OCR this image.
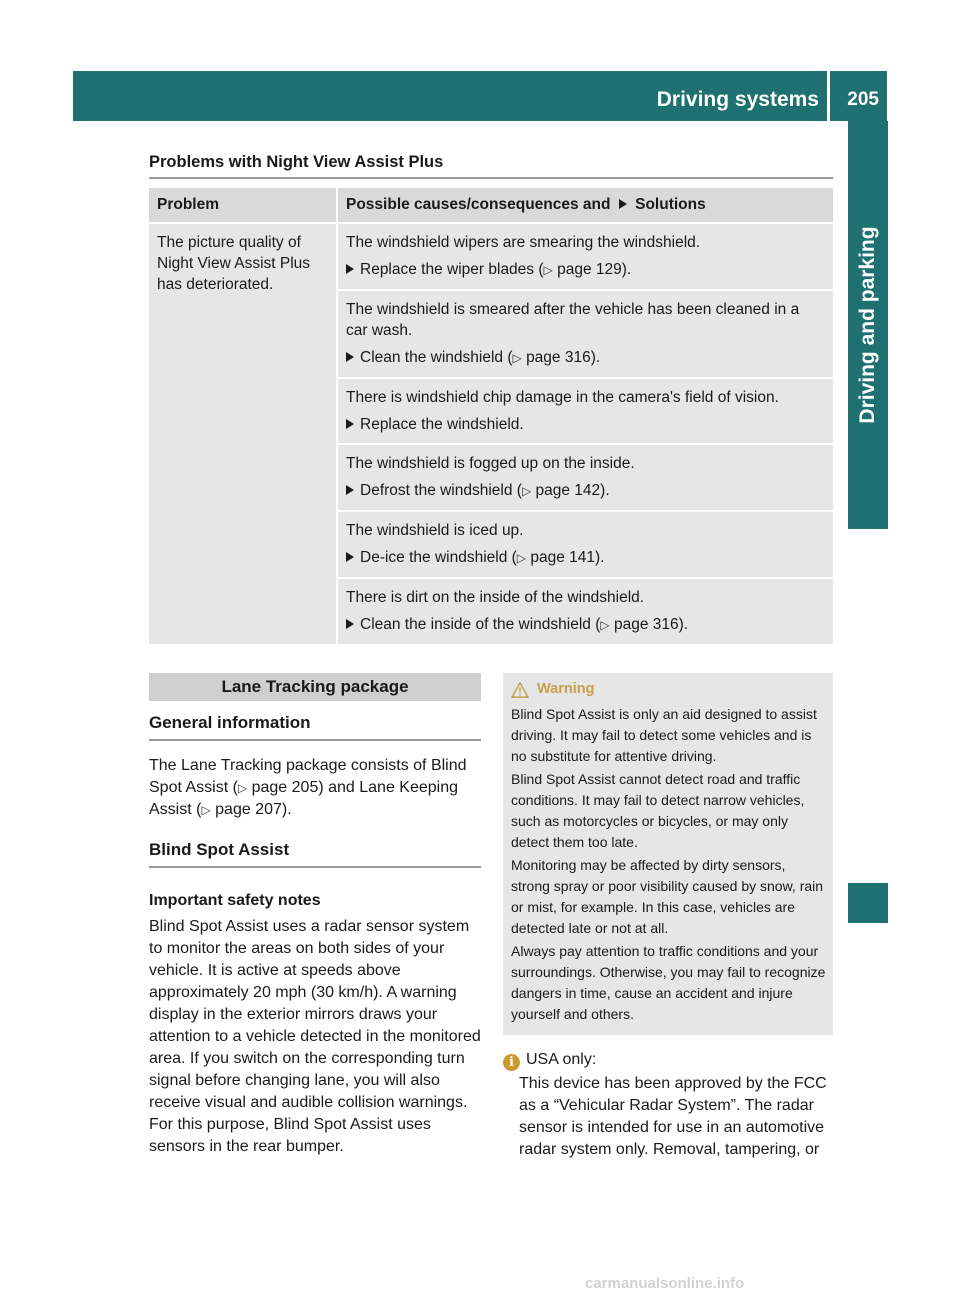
Driving systems 205
Driving and parking
Problems with Night View Assist Plus
Problem	Possible causes/consequences and Solutions
The picture quality of Night View Assist Plus has deteriorated.	The windshield wipers are smearing the windshield.
Replace the wiper blades ( ▷
page 129).

	The windshield is smeared after the vehicle has been cleaned in a car wash.
Clean the windshield ( ▷
page 316).

	There is windshield chip damage in the camera's field of vision.
Replace the windshield.

	The windshield is fogged up on the inside.
Defrost the windshield ( ▷
page 142).

	The windshield is iced up.
De-ice the windshield ( ▷
page 141).

	There is dirt on the inside of the windshield.
Clean the inside of the windshield ( ▷
page 316).
Lane Tracking package
General information
The Lane Tracking package consists of Blind Spot Assist (▷ page 205) and Lane Keeping Assist (▷ page 207).
Blind Spot Assist
Important safety notes
Blind Spot Assist uses a radar sensor system to monitor the areas on both sides of your vehicle. It is active at speeds above approximately 20 mph (30 km/h). A warning display in the exterior mirrors draws your attention to a vehicle detected in the monitored area. If you switch on the corresponding turn signal before changing lane, you will also receive visual and audible collision warnings. For this purpose, Blind Spot Assist uses sensors in the rear bumper.
Warning
Blind Spot Assist is only an aid designed to assist driving. It may fail to detect some vehicles and is no substitute for attentive driving.
Blind Spot Assist cannot detect road and traffic conditions. It may fail to detect narrow vehicles, such as motorcycles or bicycles, or may only detect them too late.
Monitoring may be affected by dirty sensors, strong spray or poor visibility caused by snow, rain or mist, for example. In this case, vehicles are detected late or not at all.
Always pay attention to traffic conditions and your surroundings. Otherwise, you may fail to recognize dangers in time, cause an accident and injure yourself and others.
i USA only:
This device has been approved by the FCC as a “Vehicular Radar System”. The radar sensor is intended for use in an automotive radar system only. Removal, tampering, or
carmanualsonline.info
